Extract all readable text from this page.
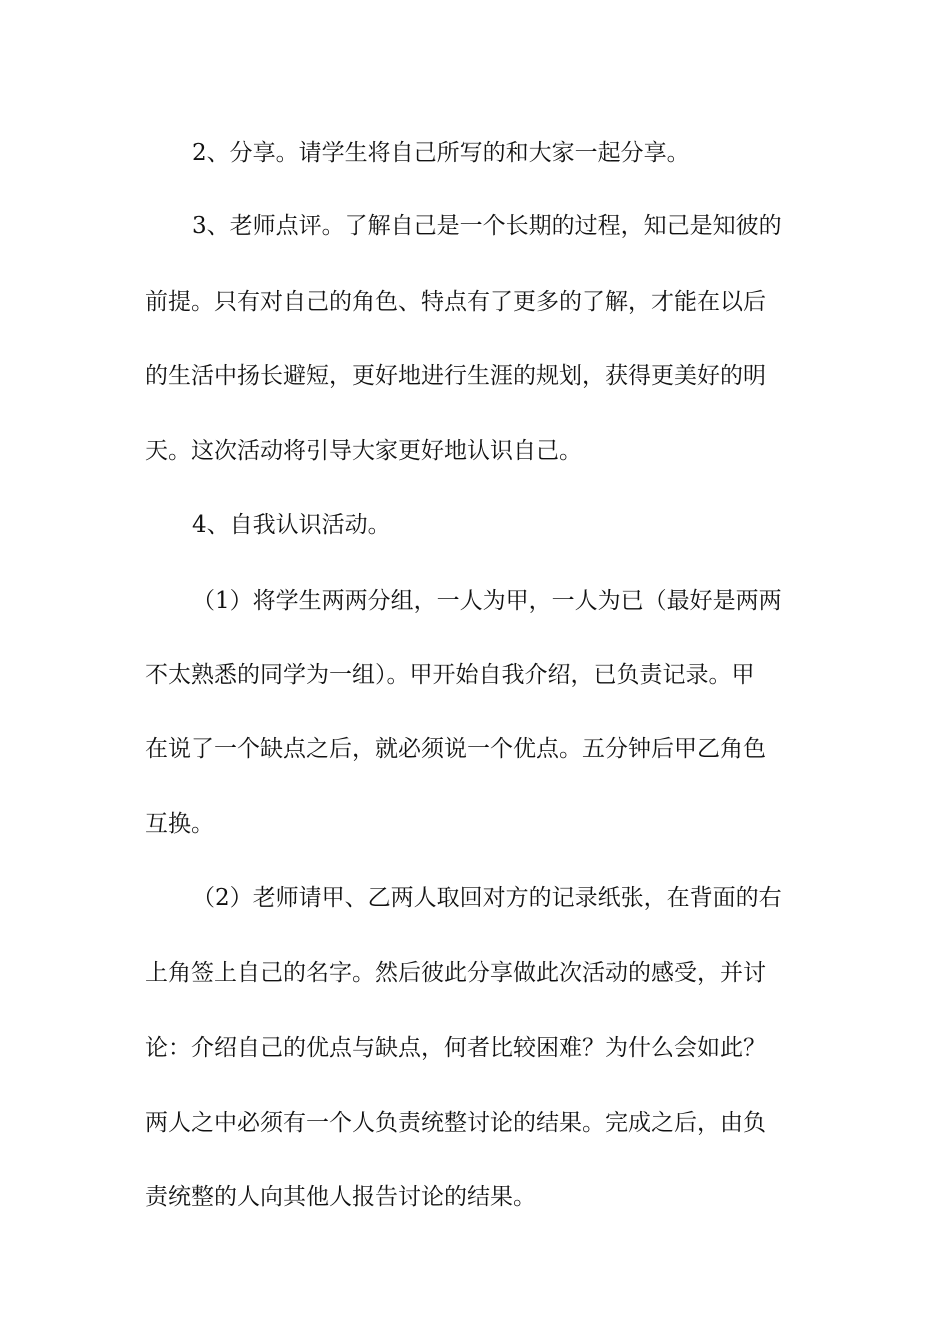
2、分享。请学生将自己所写的和大家一起分享。
3、老师点评。了解自己是一个长期的过程，知己是知彼的
前提。只有对自己的角色、特点有了更多的了解，才能在以后
的生活中扬长避短，更好地进行生涯的规划，获得更美好的明
天。这次活动将引导大家更好地认识自己。
4、自我认识活动。
（1）将学生两两分组，一人为甲，一人为已（最好是两两
不太熟悉的同学为一组）。甲开始自我介绍，已负责记录。甲
在说了一个缺点之后，就必须说一个优点。五分钟后甲乙角色
互换。
（2）老师请甲、乙两人取回对方的记录纸张，在背面的右
上角签上自己的名字。然后彼此分享做此次活动的感受，并讨
论：介绍自己的优点与缺点，何者比较困难？为什么会如此？
两人之中必须有一个人负责统整讨论的结果。完成之后，由负
责统整的人向其他人报告讨论的结果。
